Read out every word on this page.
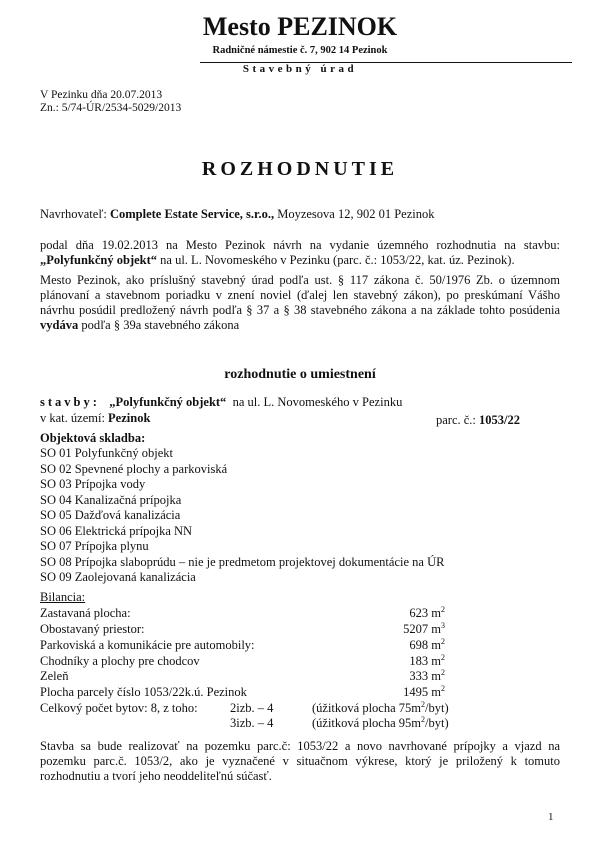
Mesto PEZINOK
Radničné námestie č. 7, 902 14 Pezinok
Stavebný úrad
V Pezinku dňa 20.07.2013
Zn.: 5/74-ÚR/2534-5029/2013
ROZHODNUTIE
Navrhovateľ: Complete Estate Service, s.r.o., Moyzesova 12, 902 01 Pezinok
podal dňa 19.02.2013 na Mesto Pezinok návrh na vydanie územného rozhodnutia na stavbu: „Polyfunkčný objekt“ na ul. L. Novomeského v Pezinku (parc. č.: 1053/22, kat. úz. Pezinok).
Mesto Pezinok, ako príslušný stavebný úrad podľa ust. § 117 zákona č. 50/1976 Zb. o územnom plánovaní a stavebnom poriadku v znení noviel (ďalej len stavebný zákon), po preskúmaní Vášho návrhu posúdil predložený návrh podľa § 37 a § 38 stavebného zákona a na základe tohto posúdenia vydáva podľa § 39a stavebného zákona
rozhodnutie o umiestnení
stavby: „Polyfunkčný objekt“ na ul. L. Novomeského v Pezinku
v kat. území: Pezinok	parc. č.: 1053/22
Objektová skladba:
SO 01 Polyfunkčný objekt
SO 02 Spevnené plochy a parkoviská
SO 03 Prípojka vody
SO 04 Kanalizačná prípojka
SO 05 Dažďová kanalizácia
SO 06 Elektrická prípojka NN
SO 07 Prípojka plynu
SO 08 Prípojka slaboprúdu – nie je predmetom projektovej dokumentácie na ÚR
SO 09 Zaolejovaná kanalizácia
Bilancia:
Zastavaná plocha:	623 $m^2$
Obostavaný priestor:	5207 $m^3$
Parkoviská a komunikácie pre automobily:	698 $m^2$
Chodníky a plochy pre chodcov	183 $m^2$
Zeleň	333 $m^2$
Plocha parcely číslo 1053/22k.ú. Pezinok	1495 $m^2$
Celkový počet bytov: 8, z toho:	2izb. – 4	(úžitková plocha $75m^2/byt$)
3izb. – 4	(úžitková plocha $95m^2/byt$)
Stavba sa bude realizovať na pozemku parc.č: 1053/22 a novo navrhované prípojky a vjazd na pozemku parc.č. 1053/2, ako je vyznačené v situačnom výkrese, ktorý je priložený k tomuto rozhodnutiu a tvorí jeho neoddeliteľnú súčasť.
1
